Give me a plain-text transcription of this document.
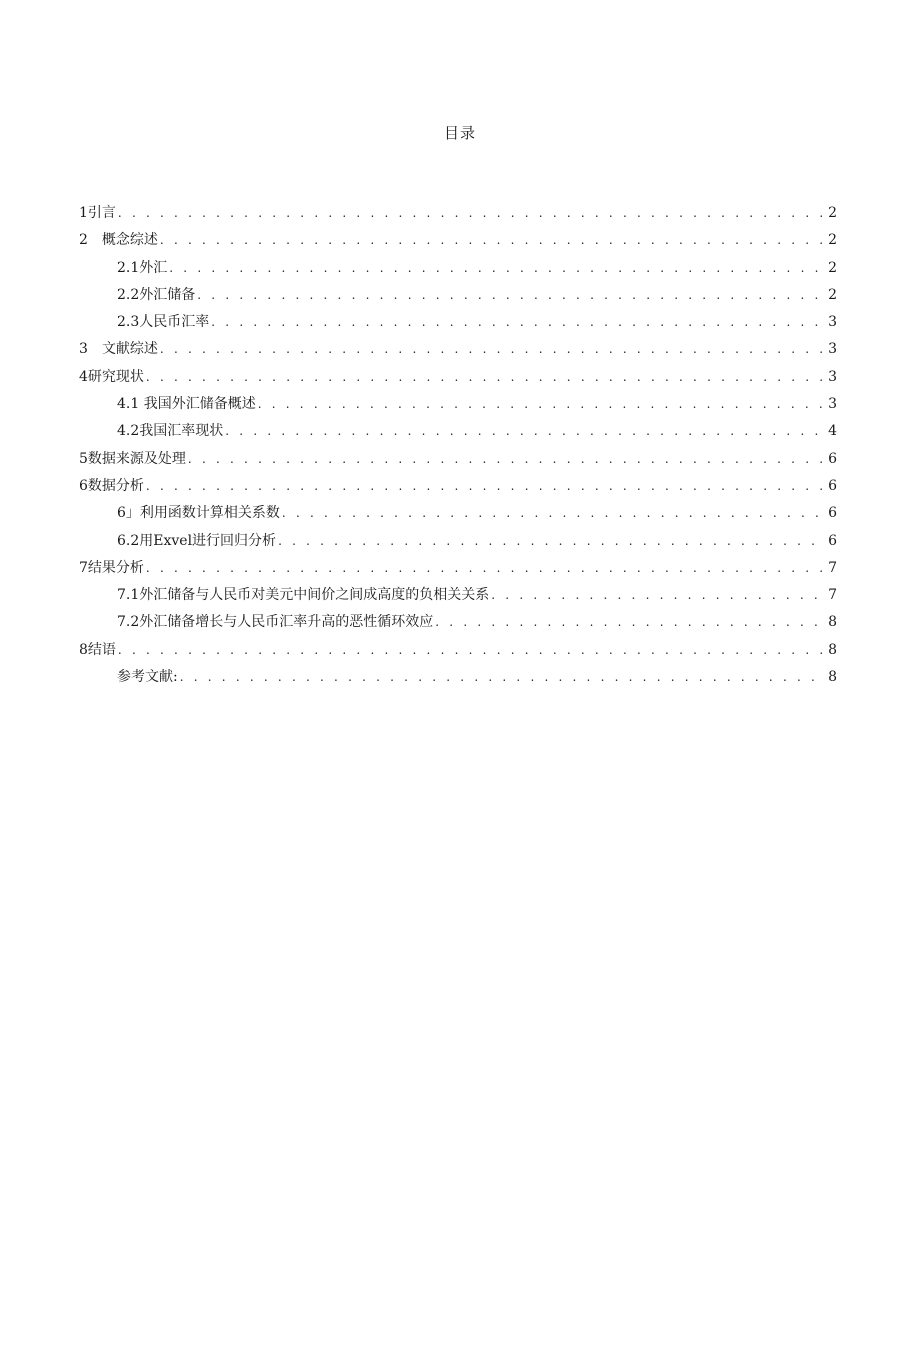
目录
1引言 . . .	2
2　概念综述 . . .	2
2.1外汇 . . .	2
2.2外汇储备 . . .	2
2.3人民币汇率 . . .	3
3　文献综述 . . .	3
4研究现状 . . .	3
4.1 我国外汇储备概述 . . .	3
4.2我国汇率现状 . . .	4
5数据来源及处理 . . .	6
6数据分析 . . .	6
6」利用函数计算相关系数 . . .	6
6.2用Exvel进行回归分析 . . .	6
7结果分析 . . .	7
7.1外汇储备与人民币对美元中间价之间成高度的负相关关系 . . .	7
7.2外汇储备增长与人民币汇率升高的恶性循环效应 . . .	8
8结语 . . .	8
参考文献: . . .	8
